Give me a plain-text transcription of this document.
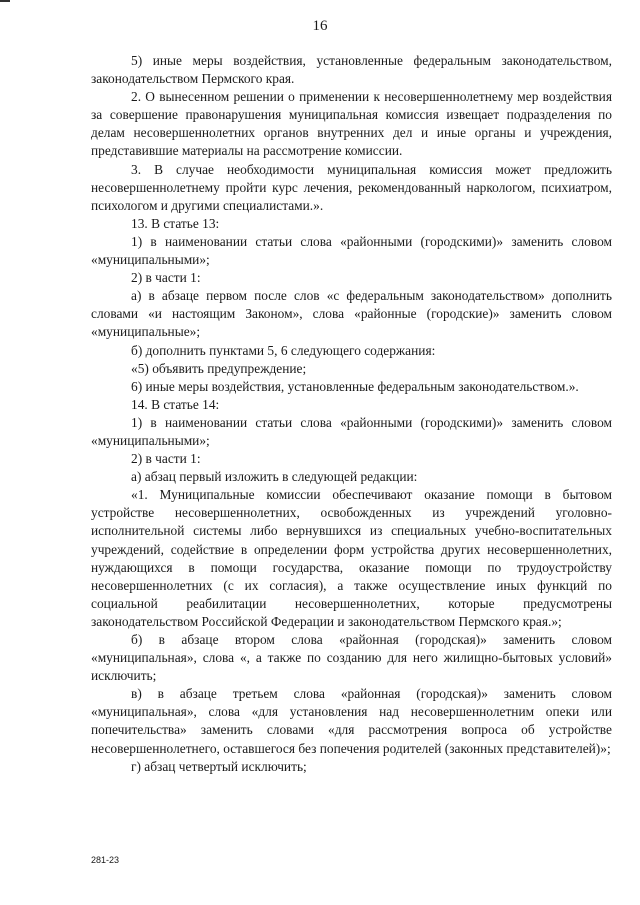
16

5) иные меры воздействия, установленные федеральным законодательством, законодательством Пермского края.

2. О вынесенном решении о применении к несовершеннолетнему мер воздействия за совершение правонарушения муниципальная комиссия извещает подразделения по делам несовершеннолетних органов внутренних дел и иные органы и учреждения, представившие материалы на рассмотрение комиссии.

3. В случае необходимости муниципальная комиссия может предложить несовершеннолетнему пройти курс лечения, рекомендованный наркологом, психиатром, психологом и другими специалистами.».

13. В статье 13:

1) в наименовании статьи слова «районными (городскими)» заменить словом «муниципальными»;

2) в части 1:

а) в абзаце первом после слов «с федеральным законодательством» дополнить словами «и настоящим Законом», слова «районные (городские)» заменить словом «муниципальные»;

б) дополнить пунктами 5, 6 следующего содержания:

«5) объявить предупреждение;

6) иные меры воздействия, установленные федеральным законодательством.».

14. В статье 14:

1) в наименовании статьи слова «районными (городскими)» заменить словом «муниципальными»;

2) в части 1:

а) абзац первый изложить в следующей редакции:

«1. Муниципальные комиссии обеспечивают оказание помощи в бытовом устройстве несовершеннолетних, освобожденных из учреждений уголовно-исполнительной системы либо вернувшихся из специальных учебно-воспитательных учреждений, содействие в определении форм устройства других несовершеннолетних, нуждающихся в помощи государства, оказание помощи по трудоустройству несовершеннолетних (с их согласия), а также осуществление иных функций по социальной реабилитации несовершеннолетних, которые предусмотрены законодательством Российской Федерации и законодательством Пермского края.»;

б) в абзаце втором слова «районная (городская)» заменить словом «муниципальная», слова «, а также по созданию для него жилищно-бытовых условий» исключить;

в) в абзаце третьем слова «районная (городская)» заменить словом «муниципальная», слова «для установления над несовершеннолетним опеки или попечительства» заменить словами «для рассмотрения вопроса об устройстве несовершеннолетнего, оставшегося без попечения родителей (законных представителей)»;

г) абзац четвертый исключить;

281-23
